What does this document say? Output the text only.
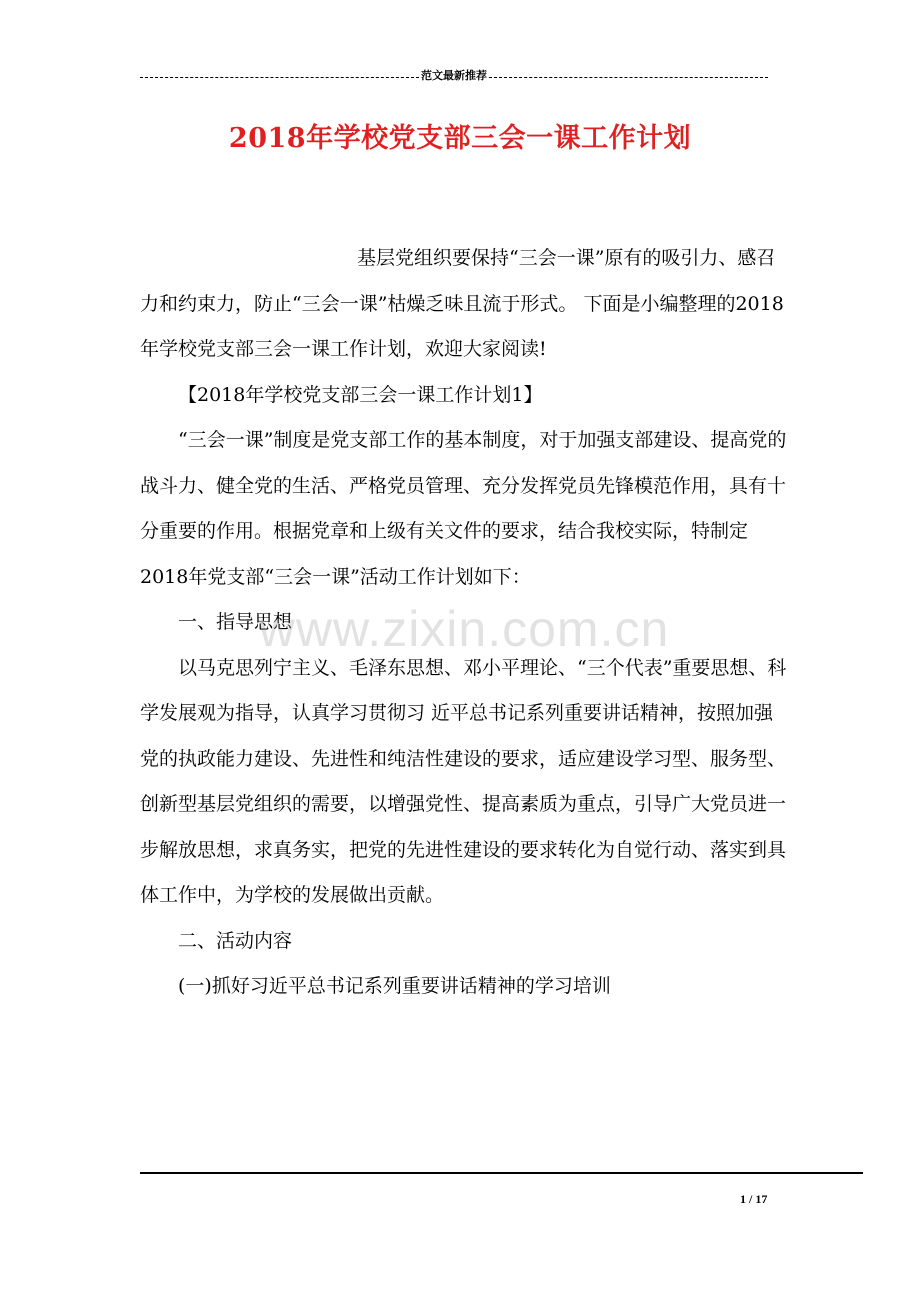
范文最新推荐
2018年学校党支部三会一课工作计划

基层党组织要保持“三会一课”原有的吸引力、感召力和约束力，防止“三会一课”枯燥乏味且流于形式。 下面是小编整理的2018年学校党支部三会一课工作计划，欢迎大家阅读!

【2018年学校党支部三会一课工作计划1】

“三会一课”制度是党支部工作的基本制度，对于加强支部建设、提高党的战斗力、健全党的生活、严格党员管理、充分发挥党员先锋模范作用，具有十分重要的作用。根据党章和上级有关文件的要求，结合我校实际，特制定2018年党支部“三会一课”活动工作计划如下：

一、指导思想

以马克思列宁主义、毛泽东思想、邓小平理论、“三个代表”重要思想、科学发展观为指导，认真学习贯彻习 近平总书记系列重要讲话精神，按照加强党的执政能力建设、先进性和纯洁性建设的要求，适应建设学习型、服务型、创新型基层党组织的需要，以增强党性、提高素质为重点，引导广大党员进一步解放思想，求真务实，把党的先进性建设的要求转化为自觉行动、落实到具体工作中，为学校的发展做出贡献。

二、活动内容

(一)抓好习近平总书记系列重要讲话精神的学习培训

www.zixin.com.cn
1 / 17
